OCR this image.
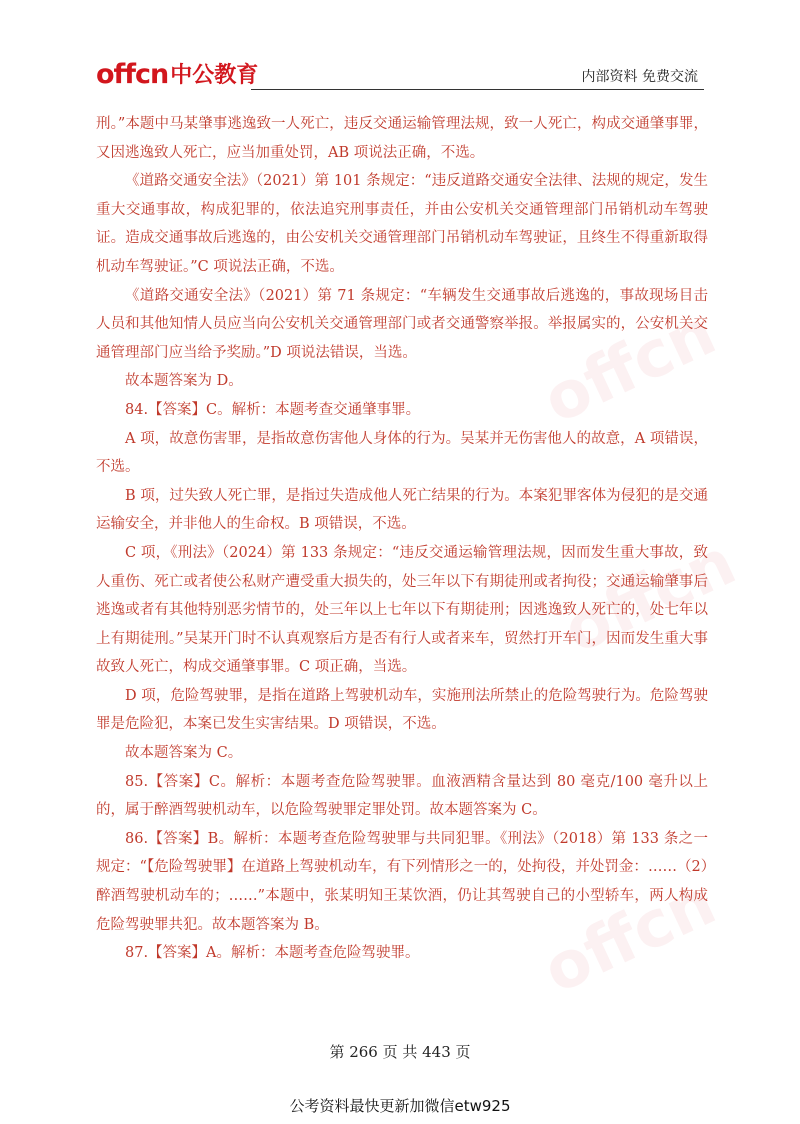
offcn
offcn
offcn
offcn 中公教育	内部资料 免费交流

刑。”本题中马某肇事逃逸致一人死亡，违反交通运输管理法规，致一人死亡，构成交通肇事罪，又因逃逸致人死亡，应当加重处罚，AB 项说法正确，不选。

《道路交通安全法》（2021）第 101 条规定：“违反道路交通安全法律、法规的规定，发生重大交通事故，构成犯罪的，依法追究刑事责任，并由公安机关交通管理部门吊销机动车驾驶证。造成交通事故后逃逸的，由公安机关交通管理部门吊销机动车驾驶证，且终生不得重新取得机动车驾驶证。”C 项说法正确，不选。

《道路交通安全法》（2021）第 71 条规定：“车辆发生交通事故后逃逸的，事故现场目击人员和其他知情人员应当向公安机关交通管理部门或者交通警察举报。举报属实的，公安机关交通管理部门应当给予奖励。”D 项说法错误，当选。

故本题答案为 D。

84.【答案】C。解析：本题考查交通肇事罪。

A 项，故意伤害罪，是指故意伤害他人身体的行为。吴某并无伤害他人的故意，A 项错误，不选。

B 项，过失致人死亡罪，是指过失造成他人死亡结果的行为。本案犯罪客体为侵犯的是交通运输安全，并非他人的生命权。B 项错误，不选。

C 项，《刑法》（2024）第 133 条规定：“违反交通运输管理法规，因而发生重大事故，致人重伤、死亡或者使公私财产遭受重大损失的，处三年以下有期徒刑或者拘役；交通运输肇事后逃逸或者有其他特别恶劣情节的，处三年以上七年以下有期徒刑；因逃逸致人死亡的，处七年以上有期徒刑。”吴某开门时不认真观察后方是否有行人或者来车，贸然打开车门，因而发生重大事故致人死亡，构成交通肇事罪。C 项正确，当选。

D 项，危险驾驶罪，是指在道路上驾驶机动车，实施刑法所禁止的危险驾驶行为。危险驾驶罪是危险犯，本案已发生实害结果。D 项错误，不选。

故本题答案为 C。

85.【答案】C。解析：本题考查危险驾驶罪。血液酒精含量达到 80 毫克/100 毫升以上的，属于醉酒驾驶机动车，以危险驾驶罪定罪处罚。故本题答案为 C。

86.【答案】B。解析：本题考查危险驾驶罪与共同犯罪。《刑法》（2018）第 133 条之一规定：“【危险驾驶罪】在道路上驾驶机动车，有下列情形之一的，处拘役，并处罚金：……（2）醉酒驾驶机动车的；……”本题中，张某明知王某饮酒，仍让其驾驶自己的小型轿车，两人构成危险驾驶罪共犯。故本题答案为 B。

87.【答案】A。解析：本题考查危险驾驶罪。

第 266 页 共 443 页
公考资料最快更新加微信etw925
